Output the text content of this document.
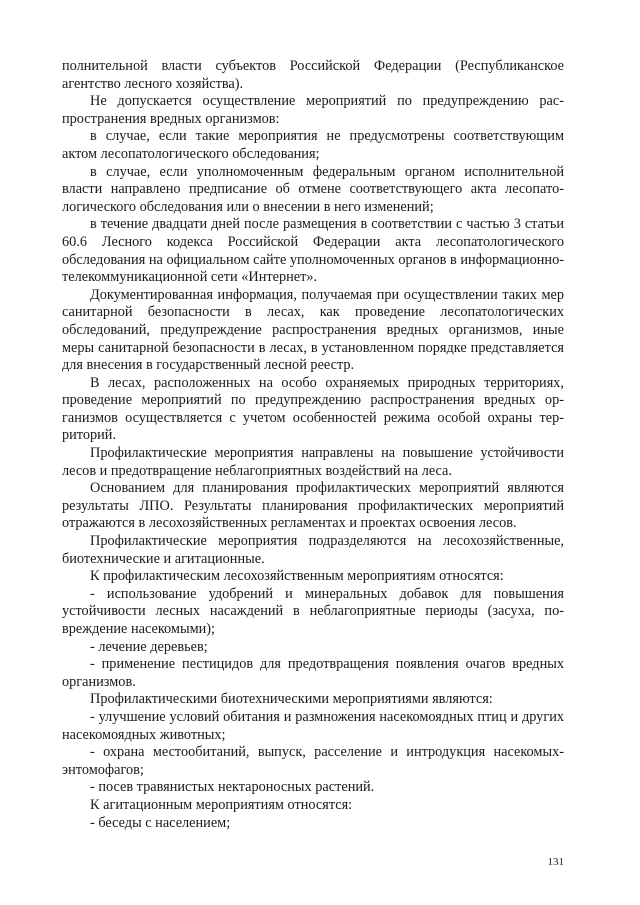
полнительной власти субъектов Российской Федерации (Республиканское агентство лесного хозяйства).

Не допускается осуществление мероприятий по предупреждению распространения вредных организмов:

в случае, если такие мероприятия не предусмотрены соответствующим актом лесопатологического обследования;

в случае, если уполномоченным федеральным органом исполнительной власти направлено предписание об отмене соответствующего акта лесопатологического обследования или о внесении в него изменений;

в течение двадцати дней после размещения в соответствии с частью 3 статьи 60.6 Лесного кодекса Российской Федерации акта лесопатологического обследования на официальном сайте уполномоченных органов в информационно-телекоммуникационной сети «Интернет».

Документированная информация, получаемая при осуществлении таких мер санитарной безопасности в лесах, как проведение лесопатологических обследований, предупреждение распространения вредных организмов, иные меры санитарной безопасности в лесах, в установленном порядке представляется для внесения в государственный лесной реестр.

В лесах, расположенных на особо охраняемых природных территориях, проведение мероприятий по предупреждению распространения вредных организмов осуществляется с учетом особенностей режима особой охраны территорий.

Профилактические мероприятия направлены на повышение устойчивости лесов и предотвращение неблагоприятных воздействий на леса.

Основанием для планирования профилактических мероприятий являются результаты ЛПО. Результаты планирования профилактических мероприятий отражаются в лесохозяйственных регламентах и проектах освоения лесов.

Профилактические мероприятия подразделяются на лесохозяйственные, биотехнические и агитационные.

К профилактическим лесохозяйственным мероприятиям относятся:

- использование удобрений и минеральных добавок для повышения устойчивости лесных насаждений в неблагоприятные периоды (засуха, повреждение насекомыми);

- лечение деревьев;

- применение пестицидов для предотвращения появления очагов вредных организмов.

Профилактическими биотехническими мероприятиями являются:

- улучшение условий обитания и размножения насекомоядных птиц и других насекомоядных животных;

- охрана местообитаний, выпуск, расселение и интродукция насекомых-энтомофагов;

- посев травянистых нектароносных растений.

К агитационным мероприятиям относятся:

- беседы с населением;

131
